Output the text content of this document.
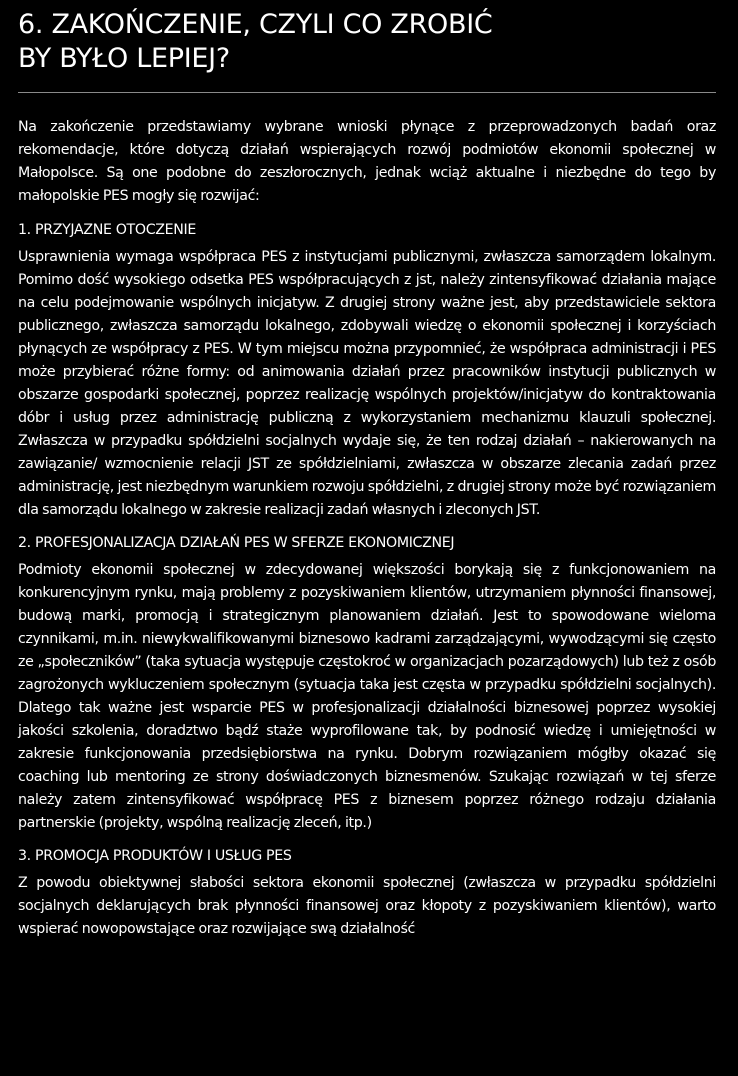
6. ZAKOŃCZENIE, CZYLI CO ZROBIĆ
BY BYŁO LEPIEJ?

Na zakończenie przedstawiamy wybrane wnioski płynące z przeprowadzonych badań oraz rekomendacje, które dotyczą działań wspierających rozwój podmiotów ekonomii społecznej w Małopolsce. Są one podobne do zeszłorocznych, jednak wciąż aktualne i niezbędne do tego by małopolskie PES mogły się rozwijać:

1. PRZYJAZNE OTOCZENIE

Usprawnienia wymaga współpraca PES z instytucjami publicznymi, zwłaszcza samorządem lokalnym. Pomimo dość wysokiego odsetka PES współpracujących z jst, należy zintensyfikować działania mające na celu podejmowanie wspólnych inicjatyw. Z drugiej strony ważne jest, aby przedstawiciele sektora publicznego, zwłaszcza samorządu lokalnego, zdobywali wiedzę o ekonomii społecznej i korzyściach płynących ze współpracy z PES. W tym miejscu można przypomnieć, że współpraca administracji i PES może przybierać różne formy: od animowania działań przez pracowników instytucji publicznych w obszarze gospodarki społecznej, poprzez realizację wspólnych projektów/inicjatyw do kontraktowania dóbr i usług przez administrację publiczną z wykorzystaniem mechanizmu klauzuli społecznej. Zwłaszcza w przypadku spółdzielni socjalnych wydaje się, że ten rodzaj działań – nakierowanych na zawiązanie/ wzmocnienie relacji JST ze spółdzielniami, zwłaszcza w obszarze zlecania zadań przez administrację, jest niezbędnym warunkiem rozwoju spółdzielni, z drugiej strony może być rozwiązaniem dla samorządu lokalnego w zakresie realizacji zadań własnych i zleconych JST.

2. PROFESJONALIZACJA DZIAŁAŃ PES W SFERZE EKONOMICZNEJ

Podmioty ekonomii społecznej w zdecydowanej większości borykają się z funkcjonowaniem na konkurencyjnym rynku, mają problemy z pozyskiwaniem klientów, utrzymaniem płynności finansowej, budową marki, promocją i strategicznym planowaniem działań. Jest to spowodowane wieloma czynnikami, m.in. niewykwalifikowanymi biznesowo kadrami zarządzającymi, wywodzącymi się często ze „społeczników” (taka sytuacja występuje częstokroć w organizacjach pozarządowych) lub też z osób zagrożonych wykluczeniem społecznym (sytuacja taka jest częsta w przypadku spółdzielni socjalnych). Dlatego tak ważne jest wsparcie PES w profesjonalizacji działalności biznesowej poprzez wysokiej jakości szkolenia, doradztwo bądź staże wyprofilowane tak, by podnosić wiedzę i umiejętności w zakresie funkcjonowania przedsiębiorstwa na rynku. Dobrym rozwiązaniem mógłby okazać się coaching lub mentoring ze strony doświadczonych biznesmenów. Szukając rozwiązań w tej sferze należy zatem zintensyfikować współpracę PES z biznesem poprzez różnego rodzaju działania partnerskie (projekty, wspólną realizację zleceń, itp.)

3. PROMOCJA PRODUKTÓW I USŁUG PES

Z powodu obiektywnej słabości sektora ekonomii społecznej (zwłaszcza w przypadku spółdzielni socjalnych deklarujących brak płynności finansowej oraz kłopoty z pozyskiwaniem klientów), warto wspierać nowopowstające oraz rozwijające swą działalność
